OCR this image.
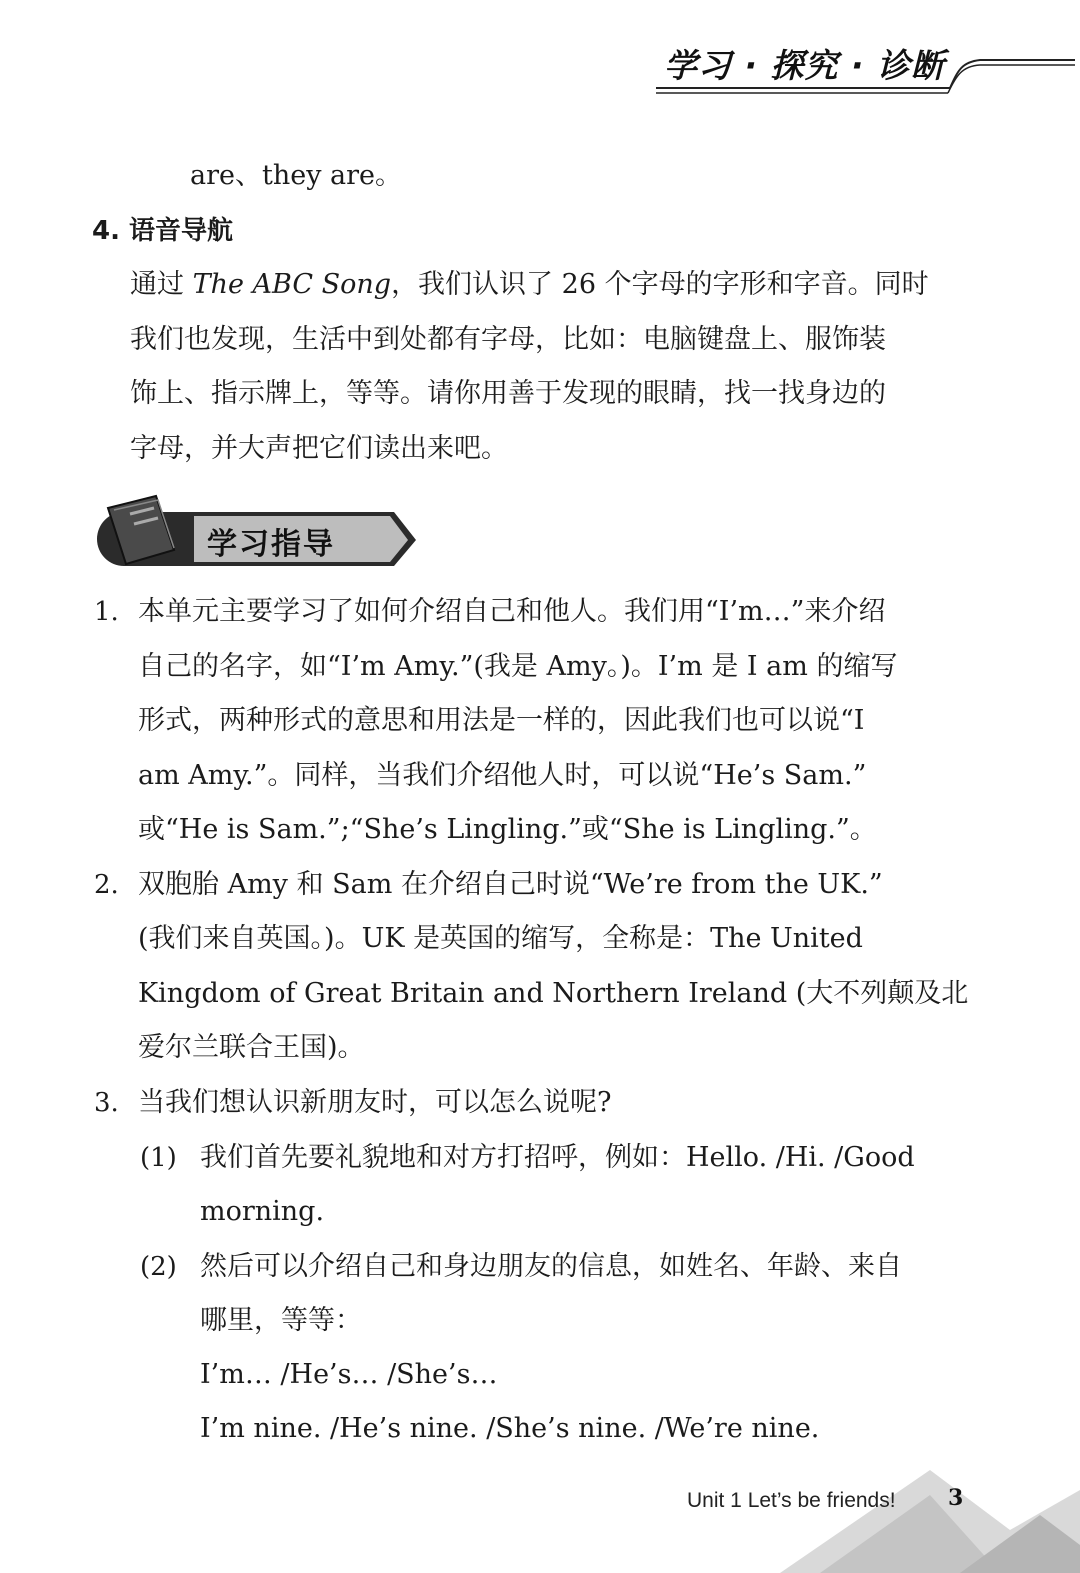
学习 · 探究 · 诊断
are、they are。
4. 语音导航
通过 The ABC Song，我们认识了 26 个字母的字形和字音。同时
我们也发现，生活中到处都有字母，比如：电脑键盘上、服饰装
饰上、指示牌上，等等。请你用善于发现的眼睛，找一找身边的
字母，并大声把它们读出来吧。
学习指导
1. 本单元主要学习了如何介绍自己和他人。我们用“I’m…”来介绍
自己的名字，如“I’m Amy.”(我是 Amy。)。I’m 是 I am 的缩写
形式，两种形式的意思和用法是一样的，因此我们也可以说“I
am Amy.”。同样，当我们介绍他人时，可以说“He’s Sam.”
或“He is Sam.”;“She’s Lingling.”或“She is Lingling.”。
2. 双胞胎 Amy 和 Sam 在介绍自己时说“We’re from the UK.”
(我们来自英国。)。UK 是英国的缩写，全称是：The United
Kingdom of Great Britain and Northern Ireland (大不列颠及北
爱尔兰联合王国)。
3. 当我们想认识新朋友时，可以怎么说呢?
(1) 我们首先要礼貌地和对方打招呼，例如：Hello. /Hi. /Good
morning.
(2) 然后可以介绍自己和身边朋友的信息，如姓名、年龄、来自
哪里，等等：
I’m… /He’s… /She’s…
I’m nine. /He’s nine. /She’s nine. /We’re nine.
Unit 1 Let’s be friends! 3
